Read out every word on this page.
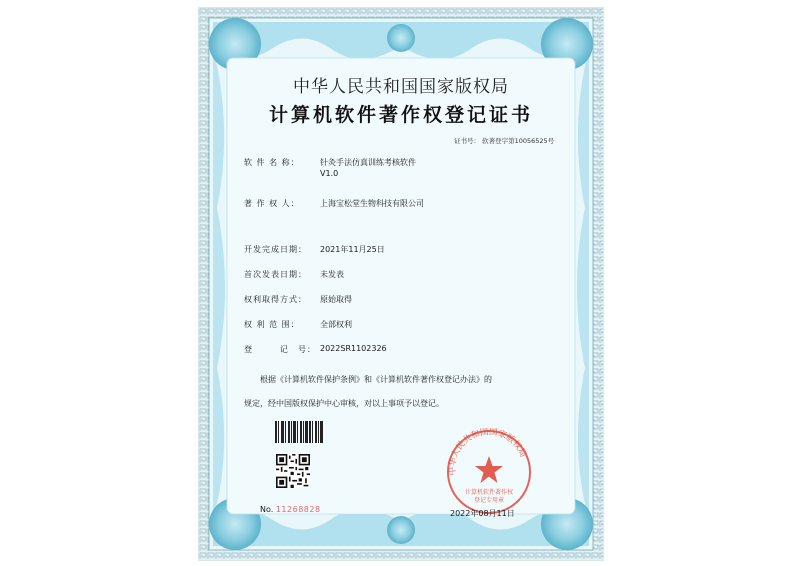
中华人民共和国国家版权局
计算机软件著作权登记证书
证书号： 软著登字第10056525号
软 件 名 称：	针灸手法仿真训练考核软件
V1.0
著 作 权 人：	上海宝松堂生物科技有限公司
开发完成日期： 2021年11月25日
首次发表日期： 未发表
权利取得方式： 原始取得
权 利 范 围：	全部权利
登　　　记　号： 2022SR1102326
根据《计算机软件保护条例》和《计算机软件著作权登记办法》的
规定，经中国版权保护中心审核，对以上事项予以登记。
No. 11268828
中华人民共和国国家版权局
计算机软件著作权
登记专用章
2022年08月11日
